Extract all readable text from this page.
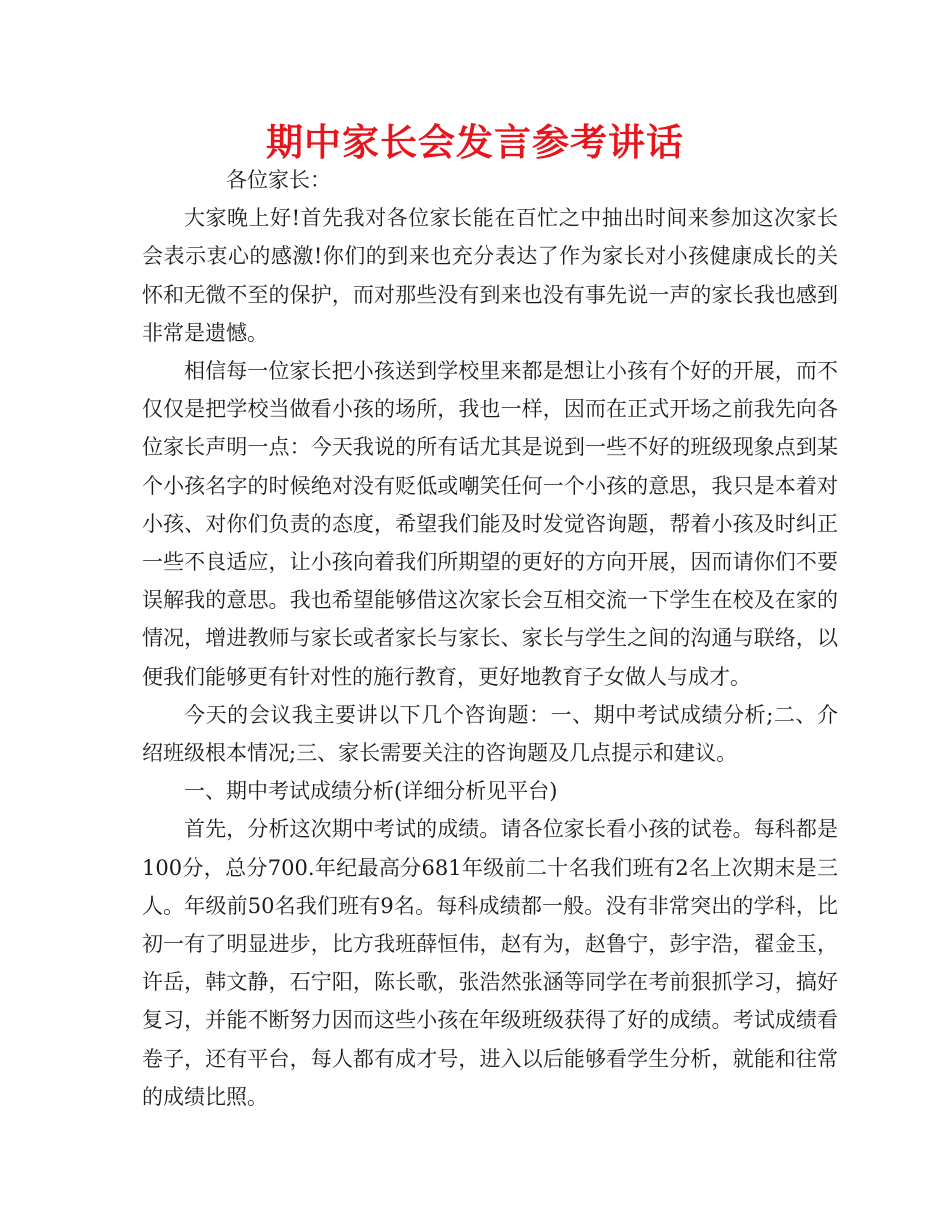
期中家长会发言参考讲话

各位家长：

大家晚上好!首先我对各位家长能在百忙之中抽出时间来参加这次家长会表示衷心的感激!你们的到来也充分表达了作为家长对小孩健康成长的关怀和无微不至的保护，而对那些没有到来也没有事先说一声的家长我也感到非常是遗憾。

相信每一位家长把小孩送到学校里来都是想让小孩有个好的开展，而不仅仅是把学校当做看小孩的场所，我也一样，因而在正式开场之前我先向各位家长声明一点：今天我说的所有话尤其是说到一些不好的班级现象点到某个小孩名字的时候绝对没有贬低或嘲笑任何一个小孩的意思，我只是本着对小孩、对你们负责的态度，希望我们能及时发觉咨询题，帮着小孩及时纠正一些不良适应，让小孩向着我们所期望的更好的方向开展，因而请你们不要误解我的意思。我也希望能够借这次家长会互相交流一下学生在校及在家的情况，增进教师与家长或者家长与家长、家长与学生之间的沟通与联络，以便我们能够更有针对性的施行教育，更好地教育子女做人与成才。

今天的会议我主要讲以下几个咨询题：一、期中考试成绩分析;二、介绍班级根本情况;三、家长需要关注的咨询题及几点提示和建议。

一、期中考试成绩分析(详细分析见平台)

首先，分析这次期中考试的成绩。请各位家长看小孩的试卷。每科都是100分，总分700.年纪最高分681年级前二十名我们班有2名上次期末是三人。年级前50名我们班有9名。每科成绩都一般。没有非常突出的学科，比初一有了明显进步，比方我班薛恒伟，赵有为，赵鲁宁，彭宇浩，翟金玉，许岳，韩文静，石宁阳，陈长歌，张浩然张涵等同学在考前狠抓学习，搞好复习，并能不断努力因而这些小孩在年级班级获得了好的成绩。考试成绩看卷子，还有平台，每人都有成才号，进入以后能够看学生分析，就能和往常的成绩比照。
